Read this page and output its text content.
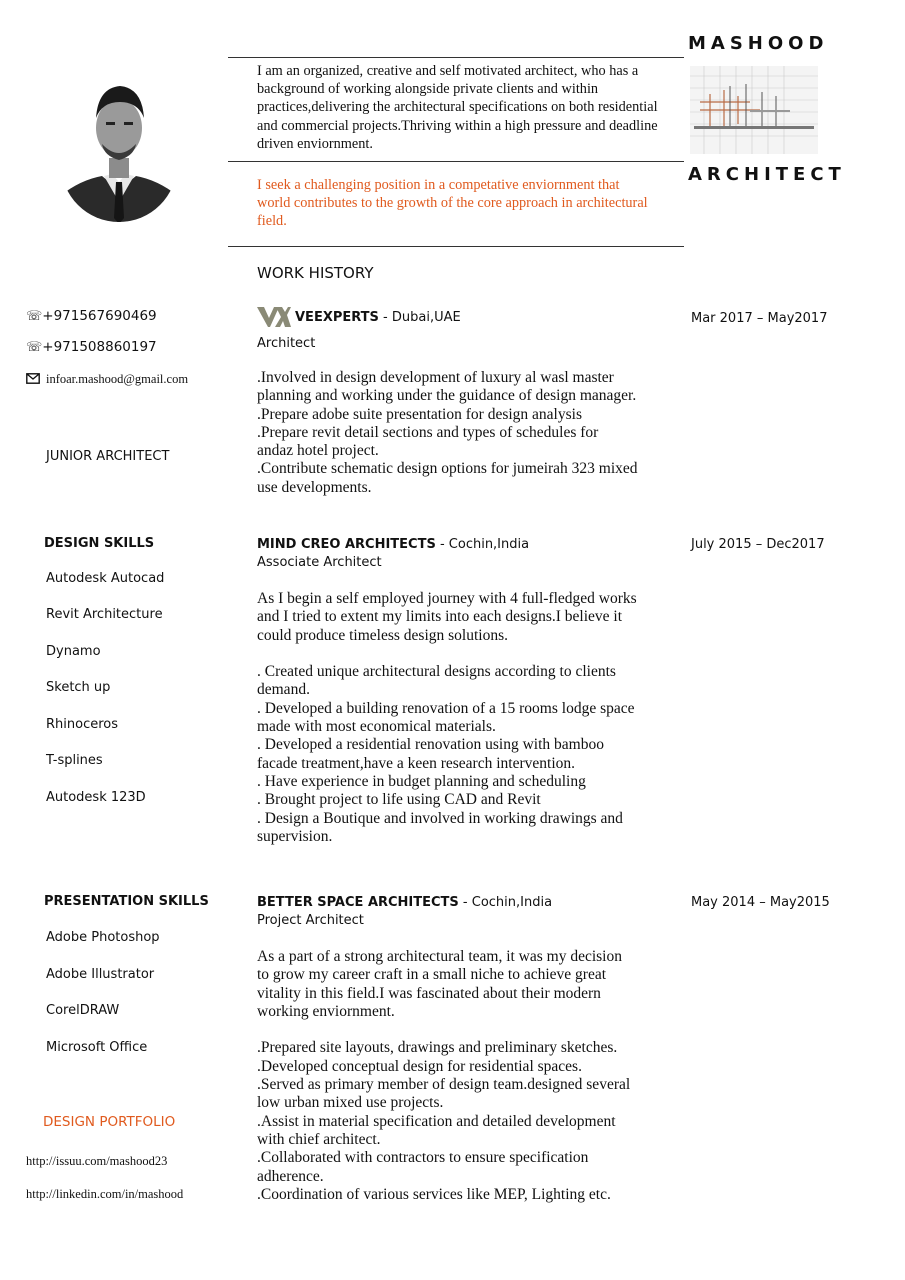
I am an organized, creative and self motivated architect, who has a background of working alongside private clients and within practices,delivering the architectural specifications on both residential and commercial projects.Thriving within a high pressure and deadline driven enviornment.
I seek a challenging position in a competative enviornment that world contributes to the growth of the core approach in architectural field.
MASHOOD
ARCHITECT
☏+971567690469
☏+971508860197
infoar.mashood@gmail.com
JUNIOR ARCHITECT
DESIGN SKILLS
Autodesk Autocad
Revit Architecture
Dynamo
Sketch up
Rhinoceros
T-splines
Autodesk 123D
PRESENTATION SKILLS
Adobe Photoshop
Adobe Illustrator
CorelDRAW
Microsoft Office
DESIGN PORTFOLIO
http://issuu.com/mashood23
http://linkedin.com/in/mashood
WORK HISTORY
VEEXPERTS - Dubai,UAE	Mar 2017 – May2017
Architect
.Involved in design development of luxury al wasl master
planning and working under the guidance of design manager.
.Prepare adobe suite presentation for design analysis
.Prepare revit detail sections and types of schedules for
andaz hotel project.
.Contribute schematic design options for jumeirah 323 mixed
use developments.
MIND CREO ARCHITECTS - Cochin,India	July 2015 – Dec2017
Associate Architect
As I begin a self employed journey with 4 full-fledged works
and I tried to extent my limits into each designs.I believe it
could produce timeless design solutions.

. Created unique architectural designs according to clients
demand.
. Developed a building renovation of a 15 rooms lodge space
made with most economical materials.
. Developed a residential renovation using with bamboo
facade treatment,have a keen research intervention.
. Have experience in budget planning and scheduling
. Brought project to life using CAD and Revit
. Design a Boutique and involved in working drawings and
supervision.
BETTER SPACE ARCHITECTS - Cochin,India	May 2014 – May2015
Project Architect
As a part of a strong architectural team, it was my decision
to grow my career craft in a small niche to achieve great
vitality in this field.I was fascinated about their modern
working enviornment.

.Prepared site layouts, drawings and preliminary sketches.
.Developed conceptual design for residential spaces.
.Served as primary member of design team.designed several
low urban mixed use projects.
.Assist in material specification and detailed development
with chief architect.
.Collaborated with contractors to ensure specification
adherence.
.Coordination of various services like MEP, Lighting etc.
